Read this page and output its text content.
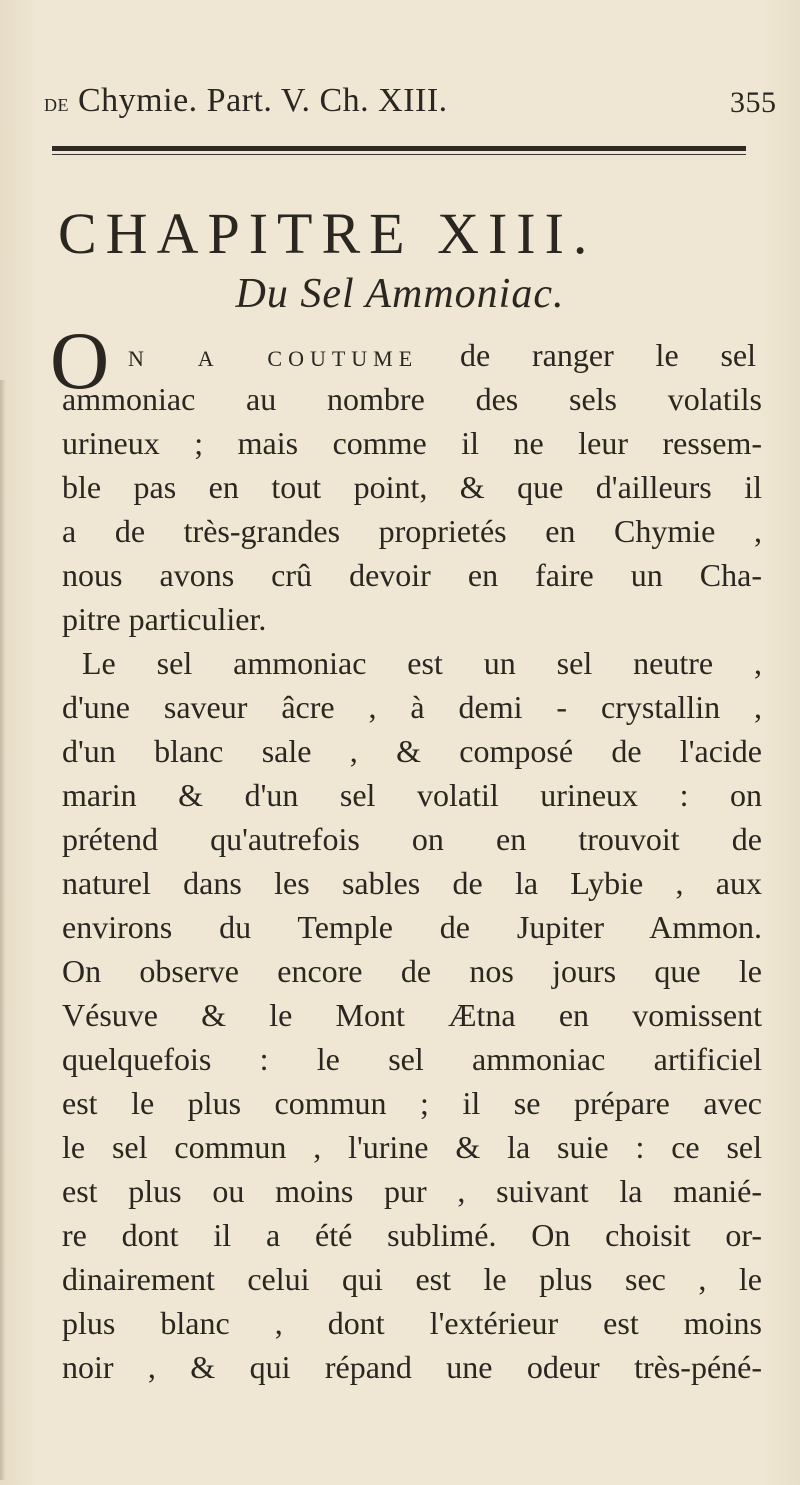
de Chymie. Part. V. Ch. XIII.	355
CHAPITRE XIII.
Du Sel Ammoniac.
O n a coutume de ranger le sel
ammoniac au nombre des sels volatils
urineux ; mais comme il ne leur ressem-
ble pas en tout point, & que d'ailleurs il
a de très-grandes proprietés en Chymie ,
nous avons crû devoir en faire un Cha-
pitre particulier.
Le sel ammoniac est un sel neutre ,
d'une saveur âcre , à demi - crystallin ,
d'un blanc sale , & composé de l'acide
marin & d'un sel volatil urineux : on
prétend qu'autrefois on en trouvoit de
naturel dans les sables de la Lybie , aux
environs du Temple de Jupiter Ammon.
On observe encore de nos jours que le
Vésuve & le Mont Ætna en vomissent
quelquefois : le sel ammoniac artificiel
est le plus commun ; il se prépare avec
le sel commun , l'urine & la suie : ce sel
est plus ou moins pur , suivant la manié-
re dont il a été sublimé. On choisit or-
dinairement celui qui est le plus sec , le
plus blanc , dont l'extérieur est moins
noir , & qui répand une odeur très-péné-
